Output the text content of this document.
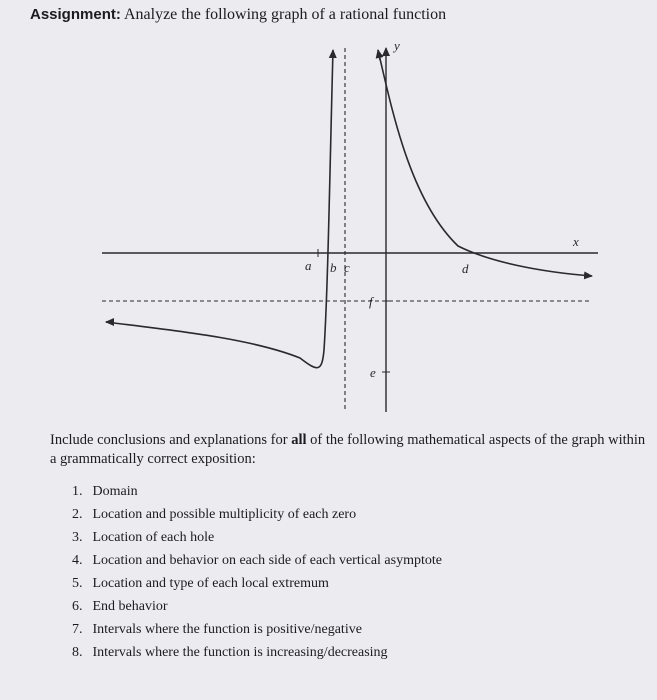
Assignment: Analyze the following graph of a rational function
y
x
a b c	d
e
f
Include conclusions and explanations for all of the following mathematical aspects of the graph within a grammatically correct exposition:
1. Domain
2. Location and possible multiplicity of each zero
3. Location of each hole
4. Location and behavior on each side of each vertical asymptote
5. Location and type of each local extremum
6. End behavior
7. Intervals where the function is positive/negative
8. Intervals where the function is increasing/decreasing
